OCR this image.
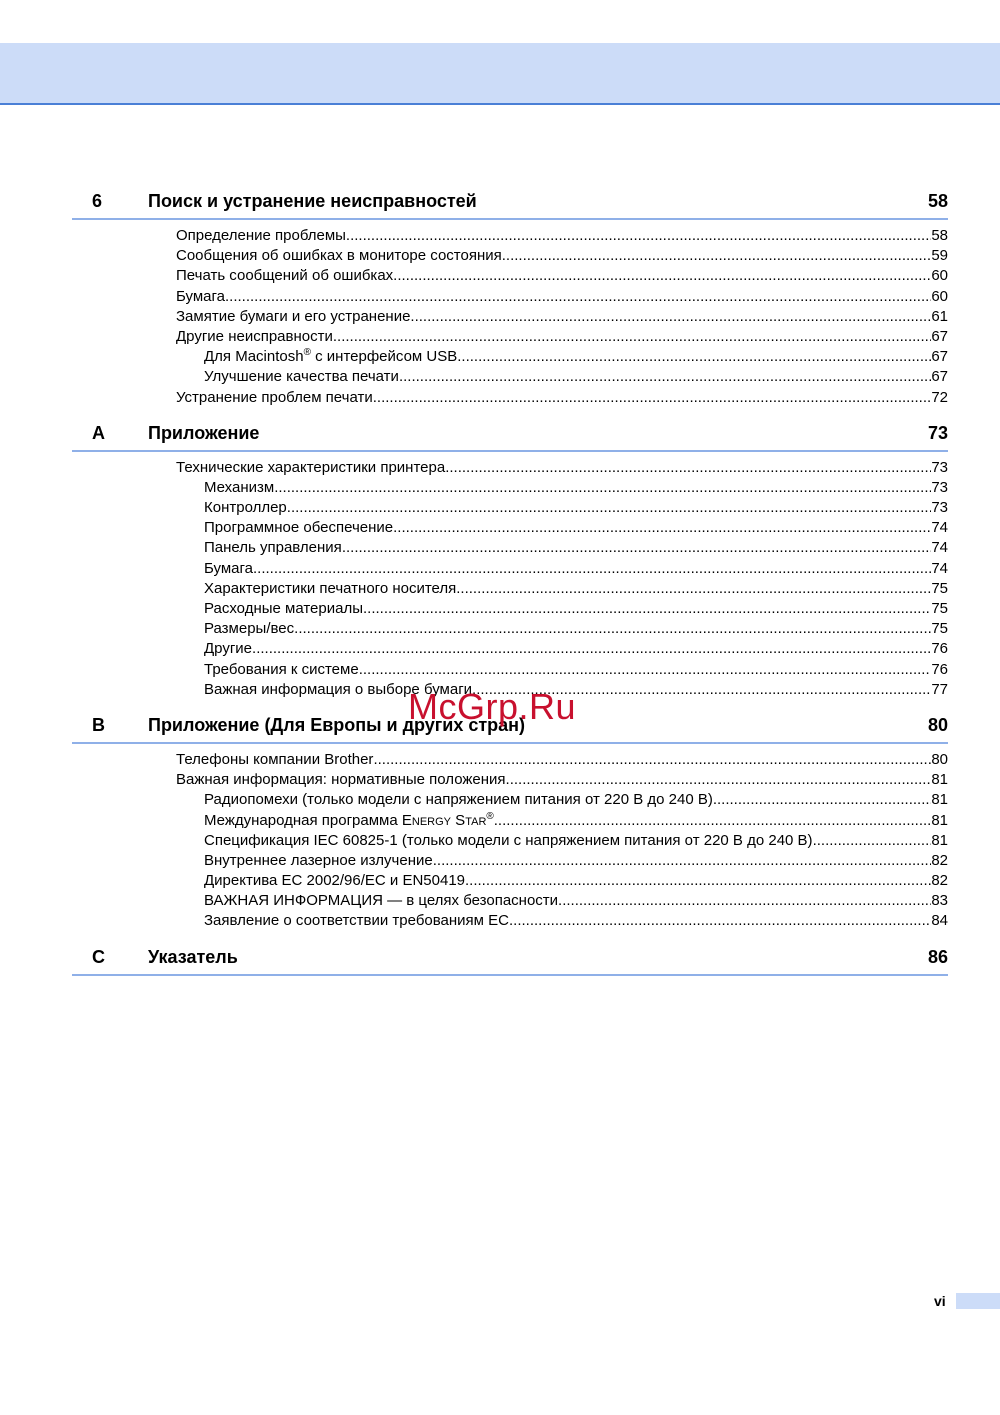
6	Поиск и устранение неисправностей	58
Определение проблемы .....	58
Сообщения об ошибках в мониторе состояния .....	59
Печать сообщений об ошибках .....	60
Бумага .....	60
Замятие бумаги и его устранение .....	61
Другие неисправности .....	67
Для Macintosh® с интерфейсом USB .....	67
Улучшение качества печати .....	67
Устранение проблем печати .....	72
A Приложение	73
Технические характеристики принтера .....	73
Механизм .....	73
Контроллер .....	73
Программное обеспечение .....	74
Панель управления .....	74
Бумага .....	74
Характеристики печатного носителя .....	75
Расходные материалы .....	75
Размеры/вес .....	75
Другие .....	76
Требования к системе .....	76
Важная информация о выборе бумаги .....	77
B Приложение (Для Европы и других стран)	80
Телефоны компании Brother .....	80
Важная информация: нормативные положения .....	81
Радиопомехи (только модели с напряжением питания от 220 В до 240 В) .....	81
Международная программа ENERGY STAR® .....	81
Спецификация IEC 60825-1 (только модели с напряжением питания от 220 В до 240 В) .....	81
Внутреннее лазерное излучение .....	82
Директива ЕС 2002/96/EC и EN50419 .....	82
ВАЖНАЯ ИНФОРМАЦИЯ — в целях безопасности .....	83
Заявление о соответствии требованиям ЕС .....	84
C Указатель	86
McGrp.Ru
vi
